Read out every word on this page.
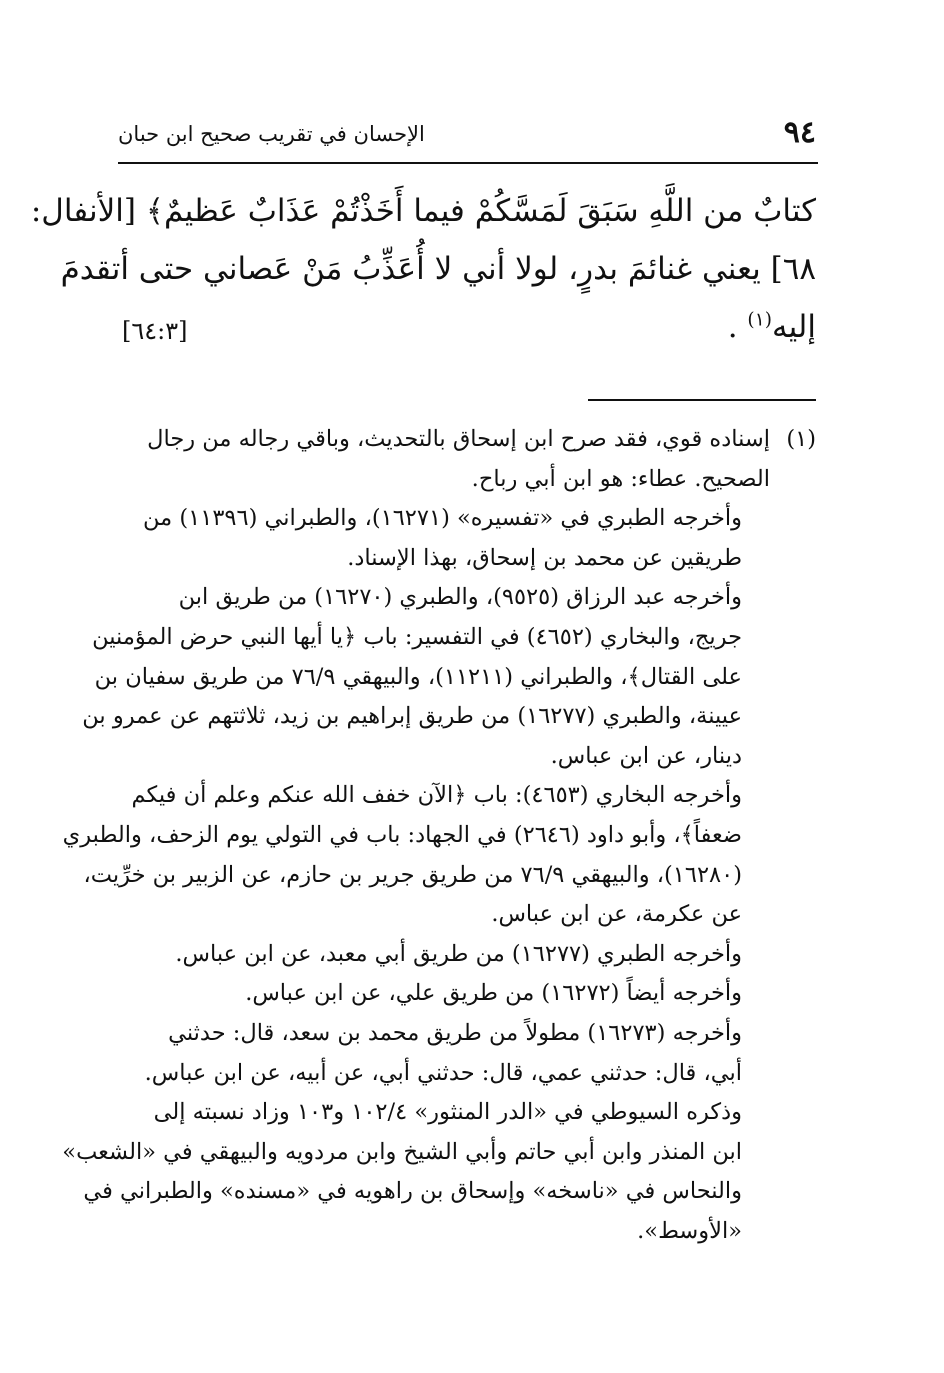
٩٤
الإحسان في تقريب صحيح ابن حبان
كتابٌ من اللَّهِ سَبَقَ لَمَسَّكُمْ فيما أَخَذْتُمْ عَذَابٌ عَظيمٌ﴾ [الأنفال:
٦٨] يعني غنائمَ بدرٍ، لولا أني لا أُعَذِّبُ مَنْ عَصاني حتى أتقدمَ
إليه$^{(١)}$ .
[٦٤:٣]
(١)

إسناده قوي، فقد صرح ابن إسحاق بالتحديث، وباقي رجاله من رجال
الصحيح. عطاء: هو ابن أبي رباح.

وأخرجه الطبري في «تفسيره» (١٦٢٧١)، والطبراني (١١٣٩٦) من
طريقين عن محمد بن إسحاق، بهذا الإسناد.

وأخرجه عبد الرزاق (٩٥٢٥)، والطبري (١٦٢٧٠) من طريق ابن
جريج، والبخاري (٤٦٥٢) في التفسير: باب ﴿يا أيها النبي حرض المؤمنين
على القتال﴾، والطبراني (١١٢١١)، والبيهقي ٧٦/٩ من طريق سفيان بن
عيينة، والطبري (١٦٢٧٧) من طريق إبراهيم بن زيد، ثلاثتهم عن عمرو بن
دينار، عن ابن عباس.

وأخرجه البخاري (٤٦٥٣): باب ﴿الآن خفف الله عنكم وعلم أن فيكم
ضعفاً﴾، وأبو داود (٢٦٤٦) في الجهاد: باب في التولي يوم الزحف، والطبري
(١٦٢٨٠)، والبيهقي ٧٦/٩ من طريق جرير بن حازم، عن الزبير بن خرِّيت،
عن عكرمة، عن ابن عباس.

وأخرجه الطبري (١٦٢٧٧) من طريق أبي معبد، عن ابن عباس.

وأخرجه أيضاً (١٦٢٧٢) من طريق علي، عن ابن عباس.

وأخرجه (١٦٢٧٣) مطولاً من طريق محمد بن سعد، قال: حدثني
أبي، قال: حدثني عمي، قال: حدثني أبي، عن أبيه، عن ابن عباس.

وذكره السيوطي في «الدر المنثور» ١٠٢/٤ و١٠٣ وزاد نسبته إلى
ابن المنذر وابن أبي حاتم وأبي الشيخ وابن مردويه والبيهقي في «الشعب»
والنحاس في «ناسخه» وإسحاق بن راهويه في «مسنده» والطبراني في
«الأوسط».
